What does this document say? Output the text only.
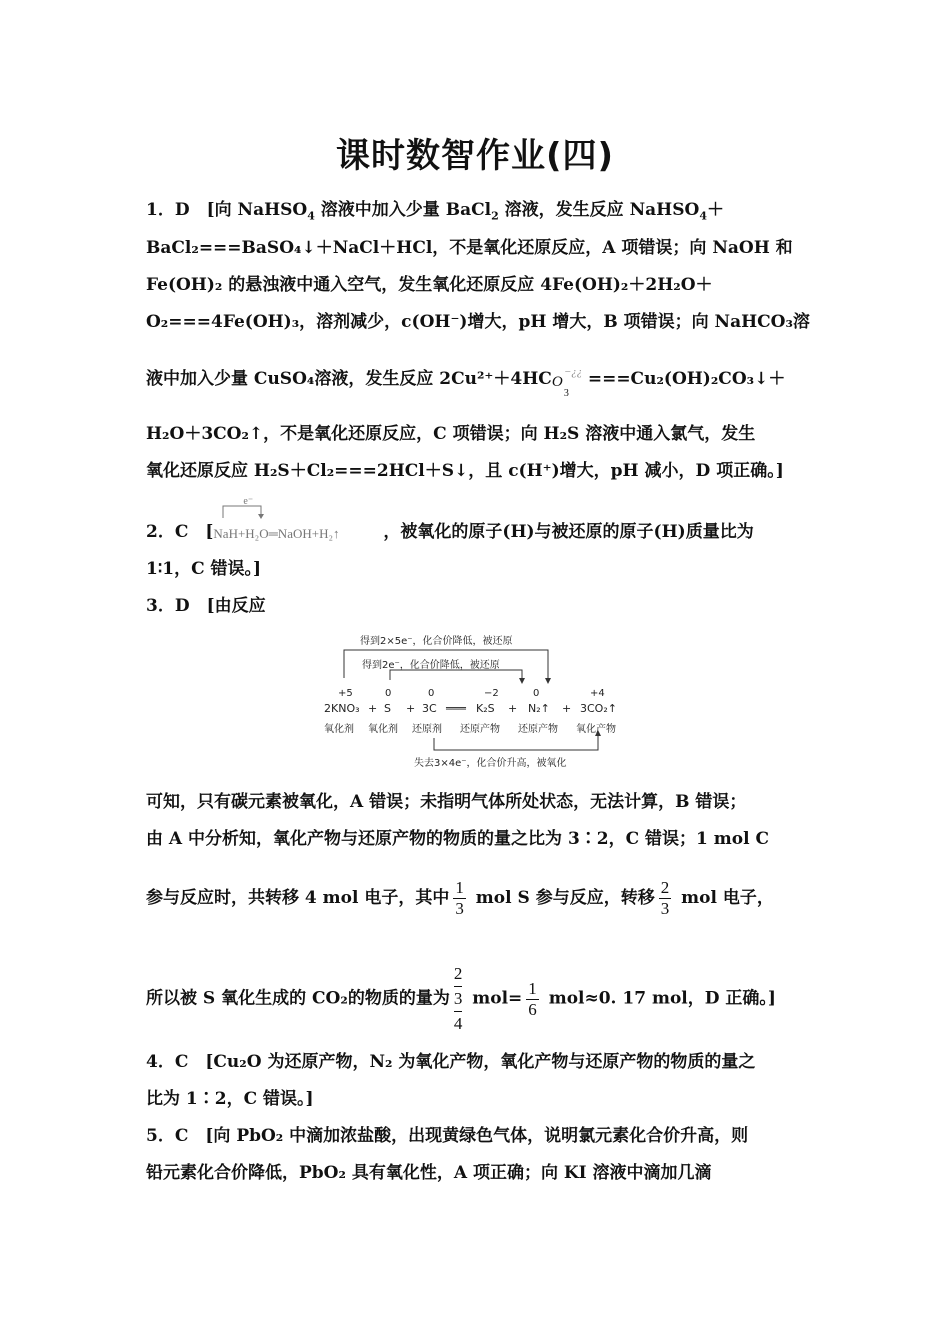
课时数智作业(四)
1．D　[向 NaHSO$_4$ 溶液中加入少量 BaCl$_2$ 溶液，发生反应 NaHSO$_4$＋
BaCl₂===BaSO₄↓＋NaCl＋HCl，不是氧化还原反应，A 项错误；向 NaOH 和
Fe(OH)₂ 的悬浊液中通入空气，发生氧化还原反应 4Fe(OH)₂＋2H₂O＋
O₂===4Fe(OH)₃，溶剂减少，c(OH⁻)增大，pH 增大，B 项错误；向 NaHCO₃溶
液中加入少量 CuSO₄溶液，发生反应 2Cu²⁺＋4HC O
3
−¿¿ ===Cu₂(OH)₂CO₃↓＋
H₂O＋3CO₂↑，不是氧化还原反应，C 项错误；向 H₂S 溶液中通入氯气，发生
氧化还原反应 H₂S＋Cl₂===2HCl＋S↓，且 c(H⁺)增大，pH 减小，D 项正确。]
2．C　[
e⁻
NaH+H₂O═NaOH+H₂↑	，被氧化的原子(H)与被还原的原子(H)质量比为
1∶1，C 错误。]
3．D　[由反应
得到2×5e⁻，化合价降低，被还原
得到2e⁻，化合价降低，被还原
+5	0	0	−2	0	+4
2KNO₃ + S + 3C ═══ K₂S + N₂↑ + 3CO₂↑
氧化剂 氧化剂 还原剂 还原产物 还原产物 氧化产物
失去3×4e⁻，化合价升高，被氧化
可知，只有碳元素被氧化，A 错误；未指明气体所处状态，无法计算，B 错误；
由 A 中分析知，氧化产物与还原产物的物质的量之比为 3∶2，C 错误；1 mol C
参与反应时，共转移 4 mol 电子，其中 $\frac{1}{3}$ mol S 参与反应，转移 $\frac{2}{3}$ mol 电子，
所以被 S 氧化生成的 CO₂的物质的量为
2
3
4
$mol= \frac{1}{6} mol\approx 0$. 17 mol，D 正确。]
4．C　[Cu₂O 为还原产物，N₂ 为氧化产物，氧化产物与还原产物的物质的量之
比为 1∶2，C 错误。]
5．C　[向 PbO₂ 中滴加浓盐酸，出现黄绿色气体，说明氯元素化合价升高，则
铅元素化合价降低，PbO₂ 具有氧化性，A 项正确；向 KI 溶液中滴加几滴
